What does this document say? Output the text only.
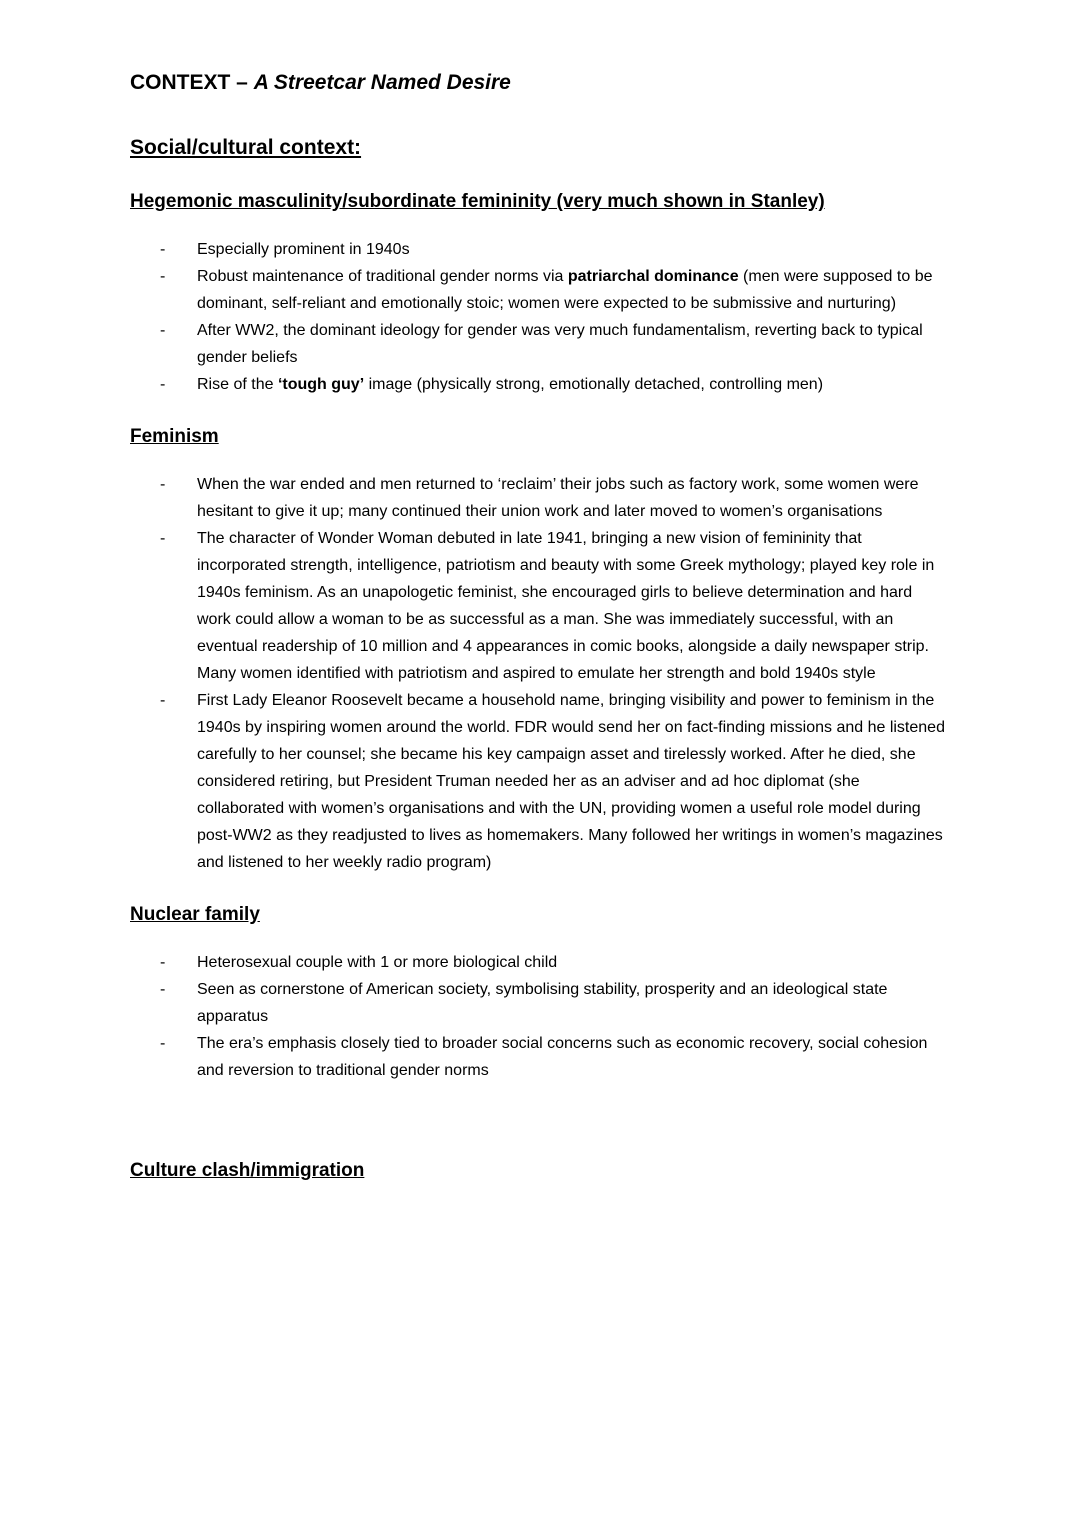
CONTEXT – A Streetcar Named Desire
Social/cultural context:
Hegemonic masculinity/subordinate femininity (very much shown in Stanley)
- Especially prominent in 1940s
- Robust maintenance of traditional gender norms via patriarchal dominance (men were supposed to be dominant, self-reliant and emotionally stoic; women were expected to be submissive and nurturing)
- After WW2, the dominant ideology for gender was very much fundamentalism, reverting back to typical gender beliefs
- Rise of the ‘tough guy’ image (physically strong, emotionally detached, controlling men)
Feminism
- When the war ended and men returned to ‘reclaim’ their jobs such as factory work, some women were hesitant to give it up; many continued their union work and later moved to women’s organisations
- The character of Wonder Woman debuted in late 1941, bringing a new vision of femininity that incorporated strength, intelligence, patriotism and beauty with some Greek mythology; played key role in 1940s feminism. As an unapologetic feminist, she encouraged girls to believe determination and hard work could allow a woman to be as successful as a man. She was immediately successful, with an eventual readership of 10 million and 4 appearances in comic books, alongside a daily newspaper strip. Many women identified with patriotism and aspired to emulate her strength and bold 1940s style
- First Lady Eleanor Roosevelt became a household name, bringing visibility and power to feminism in the 1940s by inspiring women around the world. FDR would send her on fact-finding missions and he listened carefully to her counsel; she became his key campaign asset and tirelessly worked. After he died, she considered retiring, but President Truman needed her as an adviser and ad hoc diplomat (she collaborated with women’s organisations and with the UN, providing women a useful role model during post-WW2 as they readjusted to lives as homemakers. Many followed her writings in women’s magazines and listened to her weekly radio program)
Nuclear family
- Heterosexual couple with 1 or more biological child
- Seen as cornerstone of American society, symbolising stability, prosperity and an ideological state apparatus
- The era’s emphasis closely tied to broader social concerns such as economic recovery, social cohesion and reversion to traditional gender norms
Culture clash/immigration
